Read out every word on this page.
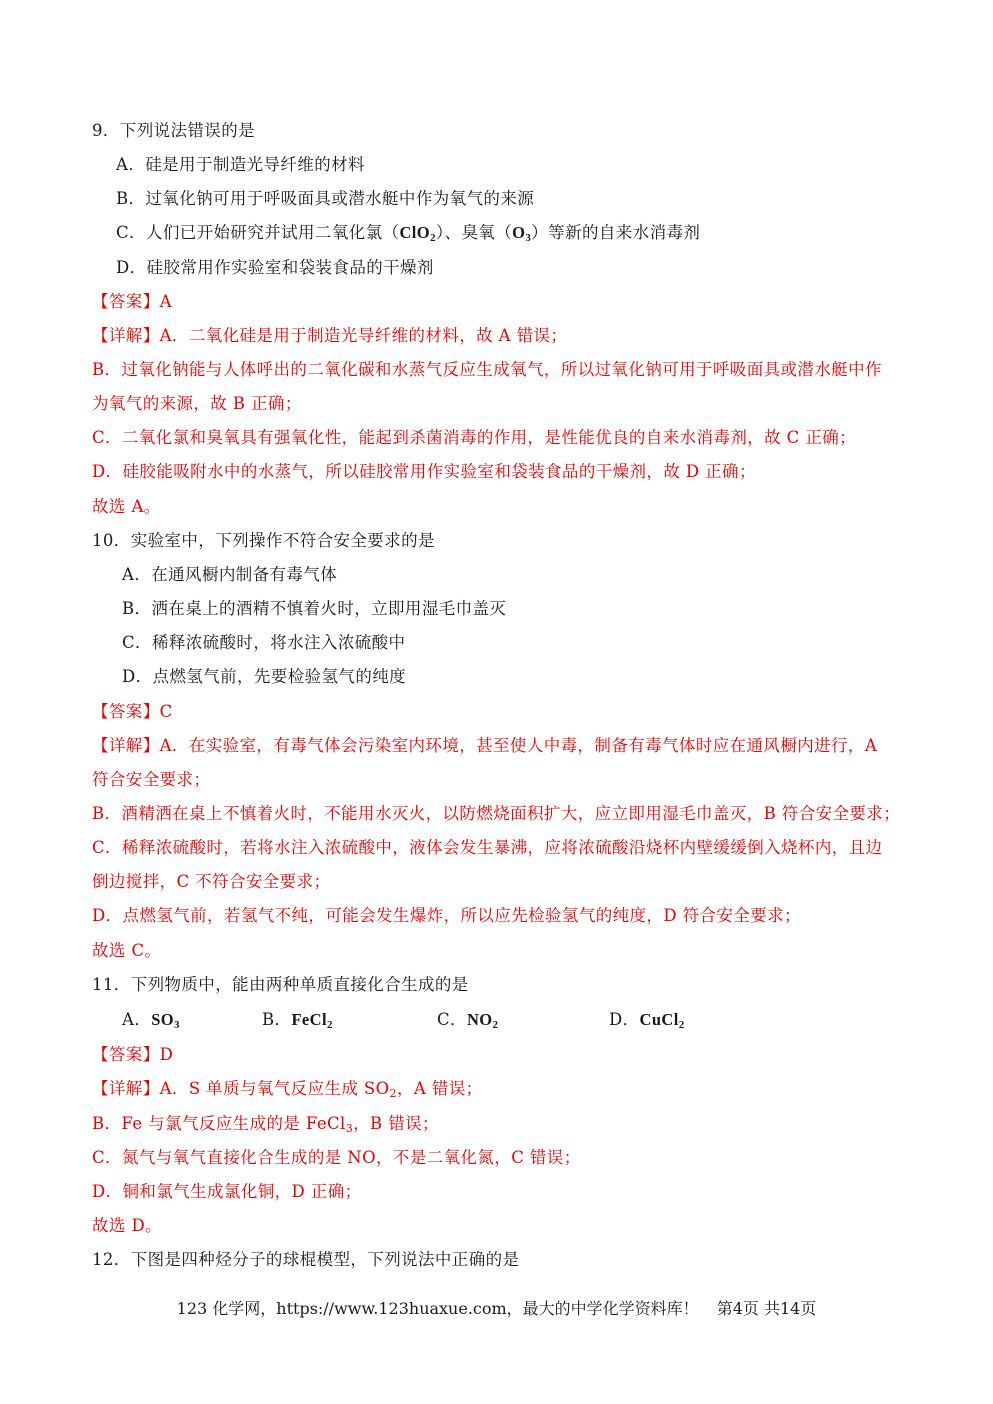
9．下列说法错误的是
A．硅是用于制造光导纤维的材料
B．过氧化钠可用于呼吸面具或潜水艇中作为氧气的来源
C．人们已开始研究并试用二氧化氯（ClO$_2$）、臭氧$(O_3)$等新的自来水消毒剂
D．硅胶常用作实验室和袋装食品的干燥剂
【答案】A
【详解】A．二氧化硅是用于制造光导纤维的材料，故 A 错误；
B．过氧化钠能与人体呼出的二氧化碳和水蒸气反应生成氧气，所以过氧化钠可用于呼吸面具或潜水艇中作
为氧气的来源，故 B 正确；
C．二氧化氯和臭氧具有强氧化性，能起到杀菌消毒的作用，是性能优良的自来水消毒剂，故 C 正确；
D．硅胶能吸附水中的水蒸气，所以硅胶常用作实验室和袋装食品的干燥剂，故 D 正确；
故选 A。
10．实验室中，下列操作不符合安全要求的是
A．在通风橱内制备有毒气体
B．洒在桌上的酒精不慎着火时，立即用湿毛巾盖灭
C．稀释浓硫酸时，将水注入浓硫酸中
D．点燃氢气前，先要检验氢气的纯度
【答案】C
【详解】A．在实验室，有毒气体会污染室内环境，甚至使人中毒，制备有毒气体时应在通风橱内进行，A
符合安全要求；
B．酒精洒在桌上不慎着火时，不能用水灭火，以防燃烧面积扩大，应立即用湿毛巾盖灭，B 符合安全要求；
C．稀释浓硫酸时，若将水注入浓硫酸中，液体会发生暴沸，应将浓硫酸沿烧杯内壁缓缓倒入烧杯内，且边
倒边搅拌，C 不符合安全要求；
D．点燃氢气前，若氢气不纯，可能会发生爆炸，所以应先检验氢气的纯度，D 符合安全要求；
故选 C。
11．下列物质中，能由两种单质直接化合生成的是
A．$SO_3$	B．FeCl$_2$	C．$NO_2$	D．CuCl$_2$
【答案】D
【详解】A．S 单质与氧气反应生成 $SO_2$，A 错误；
B．Fe 与氯气反应生成的是 FeCl$_3$，B 错误；
C．氮气与氧气直接化合生成的是 NO，不是二氧化氮，C 错误；
D．铜和氯气生成氯化铜，D 正确；
故选 D。
12．下图是四种烃分子的球棍模型，下列说法中正确的是
123 化学网，https://www.123huaxue.com，最大的中学化学资料库！ 第4页 共14页
